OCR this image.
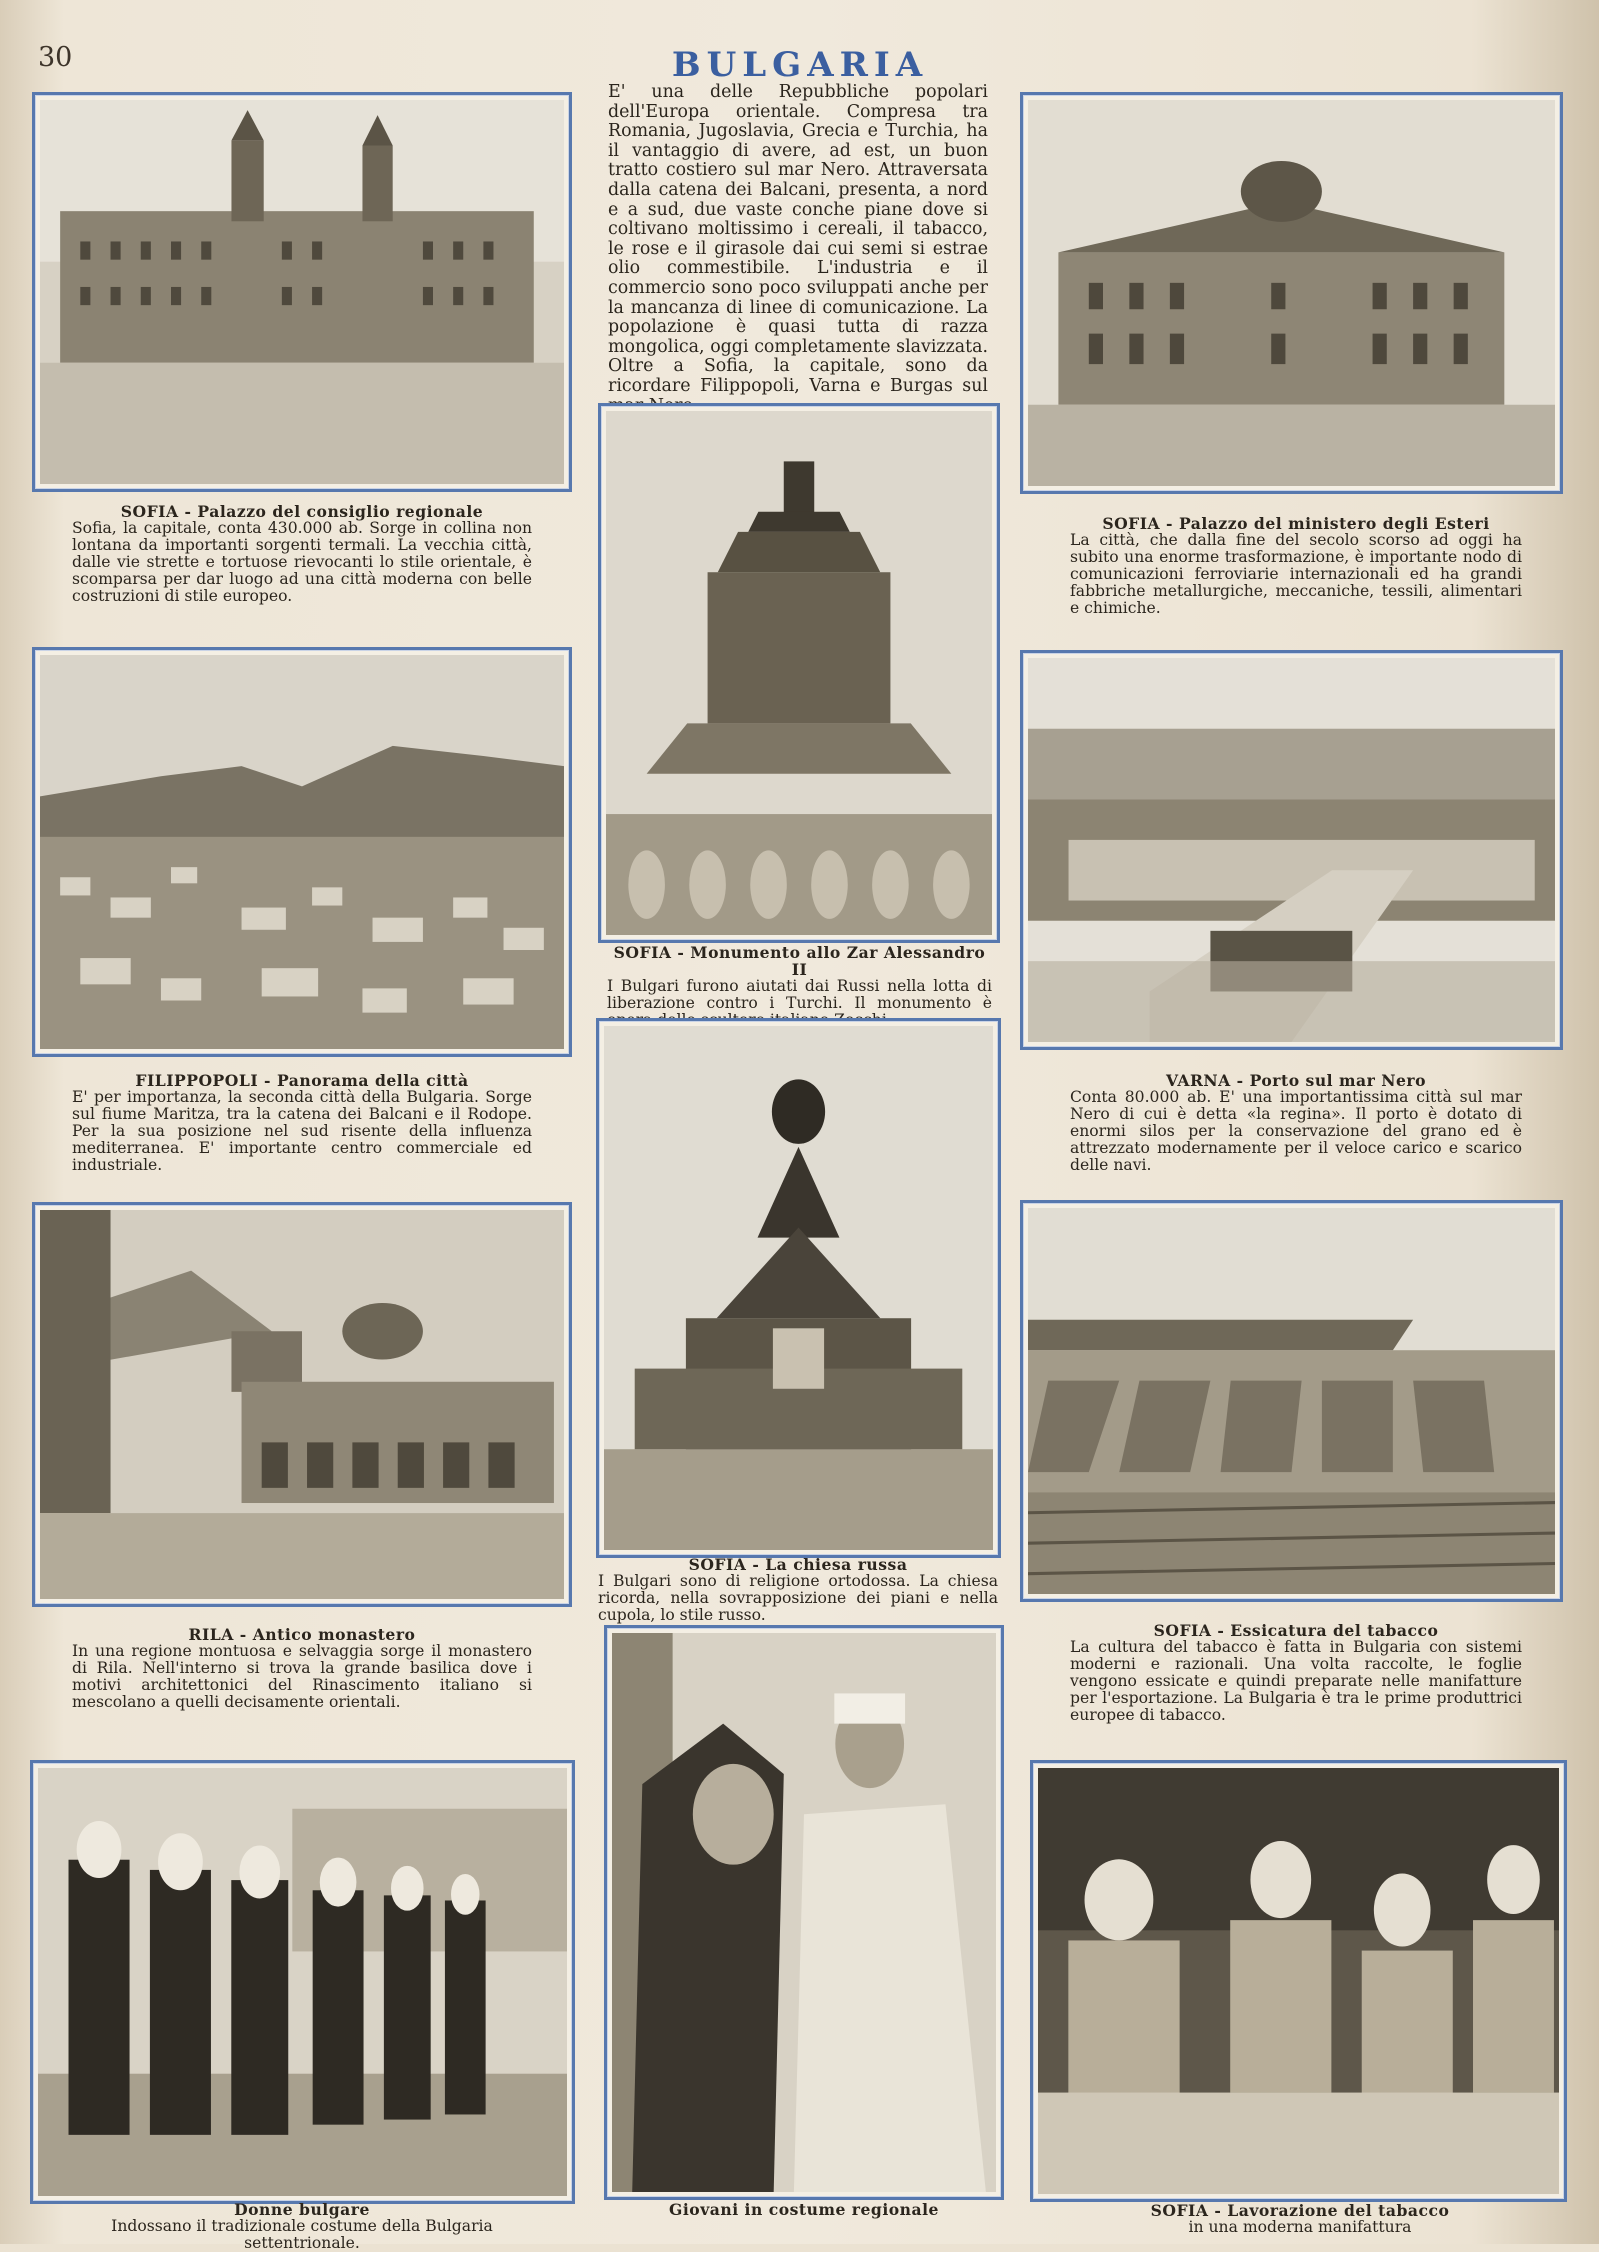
30	BULGARIA
E' una delle Repubbliche popolari dell'Europa orientale. Compresa tra Romania, Jugoslavia, Grecia e Turchia, ha il vantaggio di avere, ad est, un buon tratto costiero sul mar Nero. Attraversata dalla catena dei Balcani, presenta, a nord e a sud, due vaste conche piane dove si coltivano moltissimo i cereali, il tabacco, le rose e il girasole dai cui semi si estrae olio commestibile. L'industria e il commercio sono poco sviluppati anche per la mancanza di linee di comunicazione. La popolazione è quasi tutta di razza mongolica, oggi completamente slavizzata. Oltre a Sofia, la capitale, sono da ricordare Filippopoli, Varna e Burgas sul
SOFIA - Palazzo del consiglio regionale
Sofia, la capitale, conta 430.000 ab. Sorge in collina non lontana da importanti sorgenti termali. La vecchia città, dalle vie strette e tortuose rievocanti lo stile orientale, è scomparsa per dar luogo ad una città moderna con belle costruzioni di stile europeo.
SOFIA - Palazzo del ministero degli Esteri
La città, che dalla fine del secolo scorso ad oggi ha subito una enorme trasformazione, è importante nodo di comunicazioni ferroviarie internazionali ed ha grandi fabbriche metallurgiche, meccaniche, tessili, alimentari e chimiche.
SOFIA - Monumento allo Zar Alessandro II
I Bulgari furono aiutati dai Russi nella lotta di liberazione contro i Turchi. Il monumento è
FILIPPOPOLI - Panorama della città
E' per importanza, la seconda città della Bulgaria. Sorge sul fiume Maritza, tra la catena dei Balcani e il Rodope. Per la sua posizione nel sud risente della influenza mediterranea. E' importante centro commerciale ed industriale.
VARNA - Porto sul mar Nero
Conta 80.000 ab. E' una importantissima città sul mar Nero di cui è detta «la regina». Il porto è dotato di enormi silos per la conservazione del grano ed è attrezzato modernamente per il veloce carico e scarico delle navi.
SOFIA - La chiesa russa
I Bulgari sono di religione ortodossa. La chiesa ricorda, nella sovrapposizione dei piani e nella cupola, lo stile russo.
RILA - Antico monastero
In una regione montuosa e selvaggia sorge il monastero di Rila. Nell'interno si trova la grande basilica dove i motivi architettonici del Rinascimento italiano si mescolano a quelli decisamente orientali.
SOFIA - Essicatura del tabacco
La cultura del tabacco è fatta in Bulgaria con sistemi moderni e razionali. Una volta raccolte, le foglie vengono essicate e quindi preparate nelle manifatture per l'esportazione. La Bulgaria è tra le prime produttrici europee di tabacco.
Donne bulgare
Indossano il tradizionale costume della Bulgaria settentrionale.
Giovani in costume regionale	SOFIA - Lavorazione del tabacco
in una moderna manifattura
